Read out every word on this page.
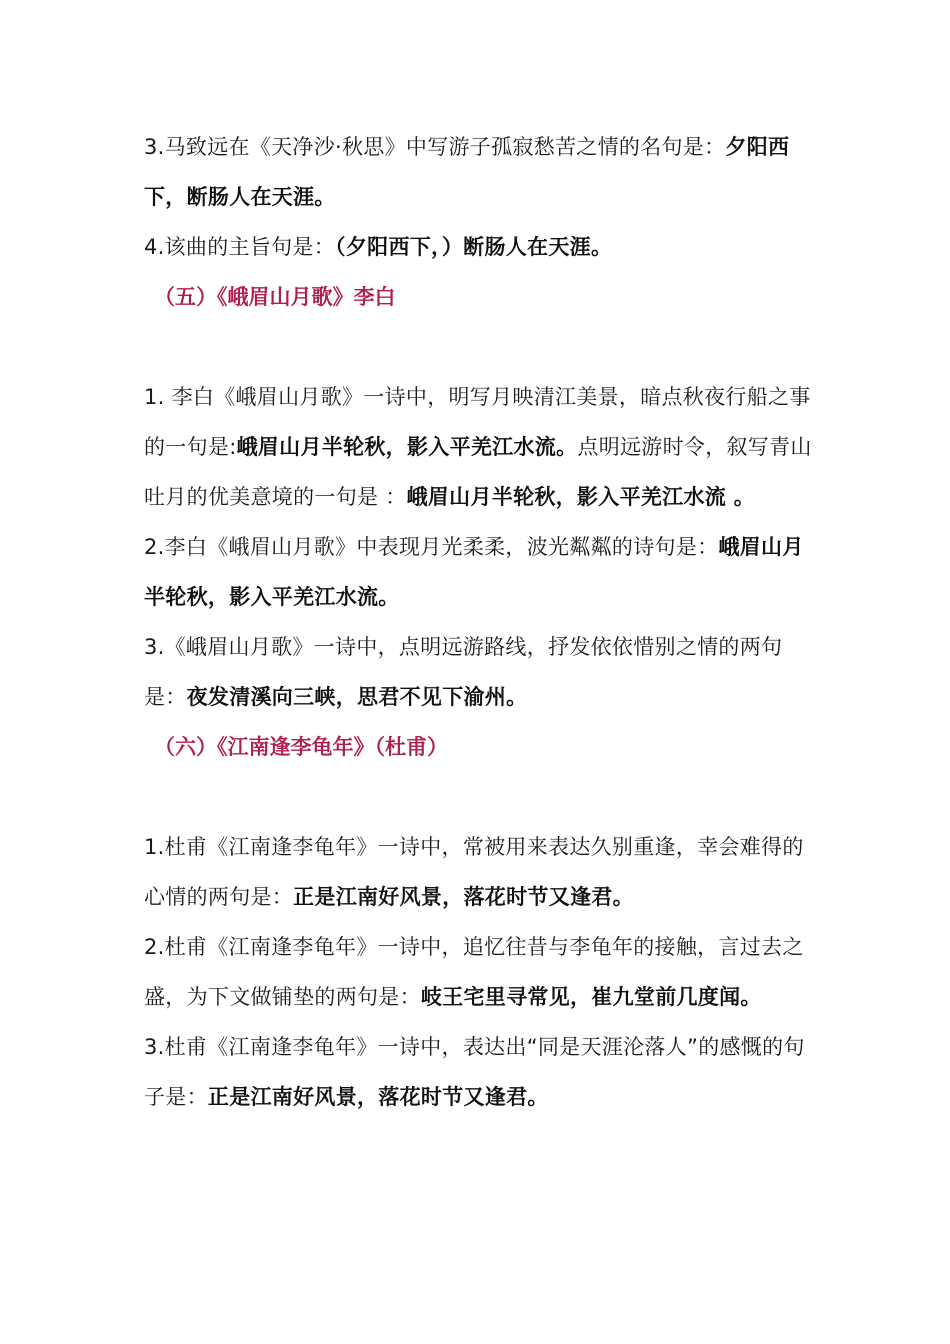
3.马致远在《天净沙·秋思》中写游子孤寂愁苦之情的名句是：夕阳西下，断肠人在天涯。

4.该曲的主旨句是：（夕阳西下，）断肠人在天涯。

（五）《峨眉山月歌》李白

1. 李白《峨眉山月歌》一诗中，明写月映清江美景，暗点秋夜行船之事的一句是:峨眉山月半轮秋，影入平羌江水流。点明远游时令，叙写青山吐月的优美意境的一句是 ：峨眉山月半轮秋，影入平羌江水流 。

2.李白《峨眉山月歌》中表现月光柔柔，波光粼粼的诗句是：峨眉山月半轮秋，影入平羌江水流。

3.《峨眉山月歌》一诗中，点明远游路线，抒发依依惜别之情的两句是：夜发清溪向三峡，思君不见下渝州。

（六）《江南逢李龟年》（杜甫）

1.杜甫《江南逢李龟年》一诗中，常被用来表达久别重逢，幸会难得的心情的两句是：正是江南好风景，落花时节又逢君。

2.杜甫《江南逢李龟年》一诗中，追忆往昔与李龟年的接触，言过去之盛，为下文做铺垫的两句是：岐王宅里寻常见，崔九堂前几度闻。

3.杜甫《江南逢李龟年》一诗中，表达出“同是天涯沦落人”的感慨的句子是：正是江南好风景，落花时节又逢君。
